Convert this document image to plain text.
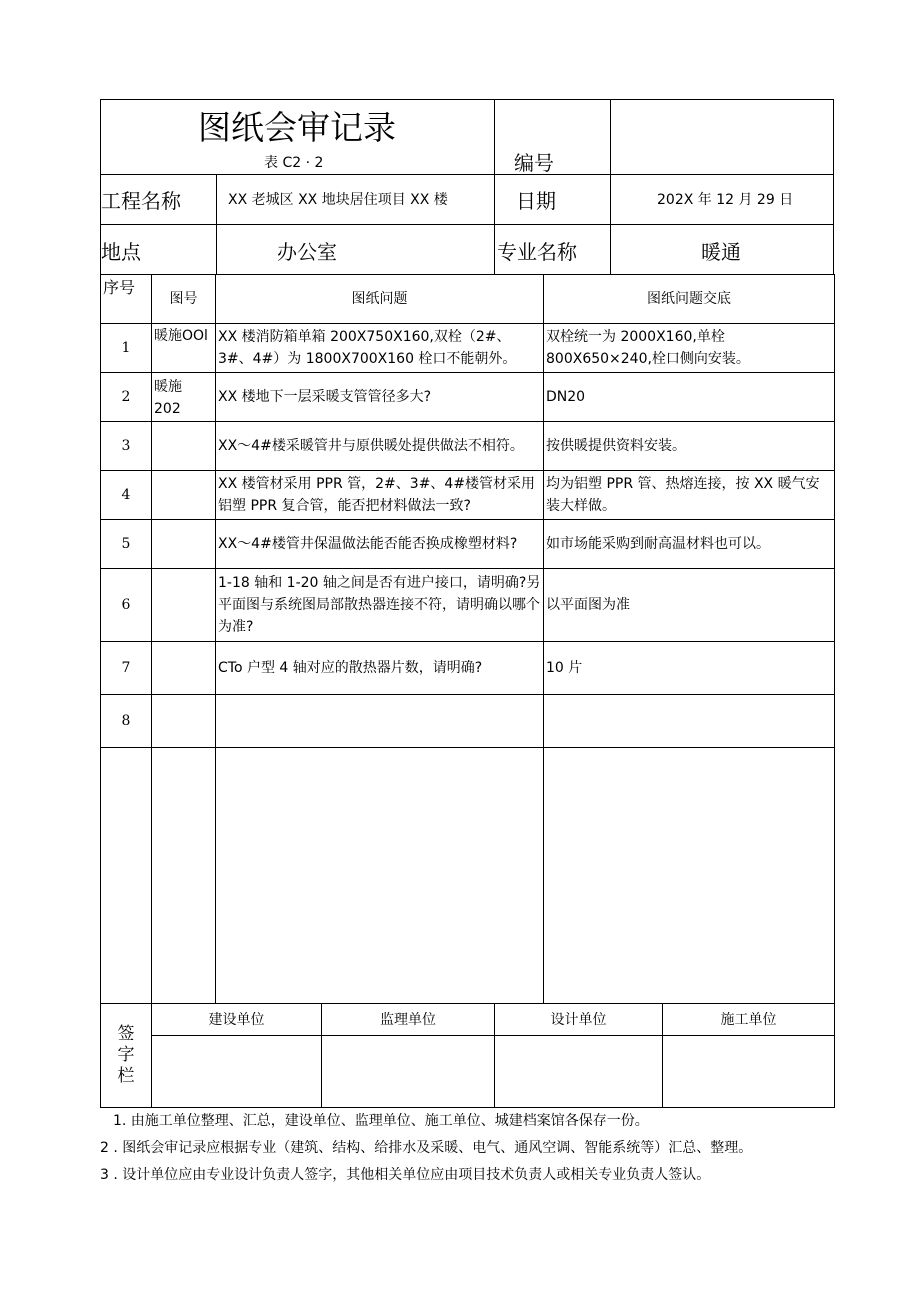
图纸会审记录
表 C2 · 2	编号
工程名称	XX 老城区 XX 地块居住项目 XX 楼	日期	202X 年 12 月 29 日
地点	办公室	专业名称	暖通
序号	图号	图纸问题	图纸问题交底
1	暖施OOl	XX 楼消防箱单箱 200X750X160,双栓（2#、3#、4#）为 1800X700X160 栓口不能朝外。	双栓统一为 2000X160,单栓 800X650×240,栓口侧向安装。
2	暖施 202	XX 楼地下一层采暖支管管径多大?	DN20
3		XX～4#楼采暖管井与原供暖处提供做法不相符。	按供暖提供资料安装。
4		XX 楼管材采用 PPR 管，2#、3#、4#楼管材采用铝塑 PPR 复合管，能否把材料做法一致?	均为铝塑 PPR 管、热熔连接，按 XX 暖气安装大样做。
5		XX～4#楼管井保温做法能否能否换成橡塑材料?	如市场能采购到耐高温材料也可以。
6		1-18 轴和 1-20 轴之间是否有进户接口，请明确?另平面图与系统图局部散热器连接不符，请明确以哪个为准?	以平面图为准
7		CTo 户型 4 轴对应的散热器片数，请明确?	10 片
8			

签字栏	建设单位	监理单位	设计单位	施工单位

1. 由施工单位整理、汇总，建设单位、监理单位、施工单位、城建档案馆各保存一份。
2 . 图纸会审记录应根据专业（建筑、结构、给排水及采暖、电气、通风空调、智能系统等）汇总、整理。
3 . 设计单位应由专业设计负责人签字，其他相关单位应由项目技术负责人或相关专业负责人签认。
